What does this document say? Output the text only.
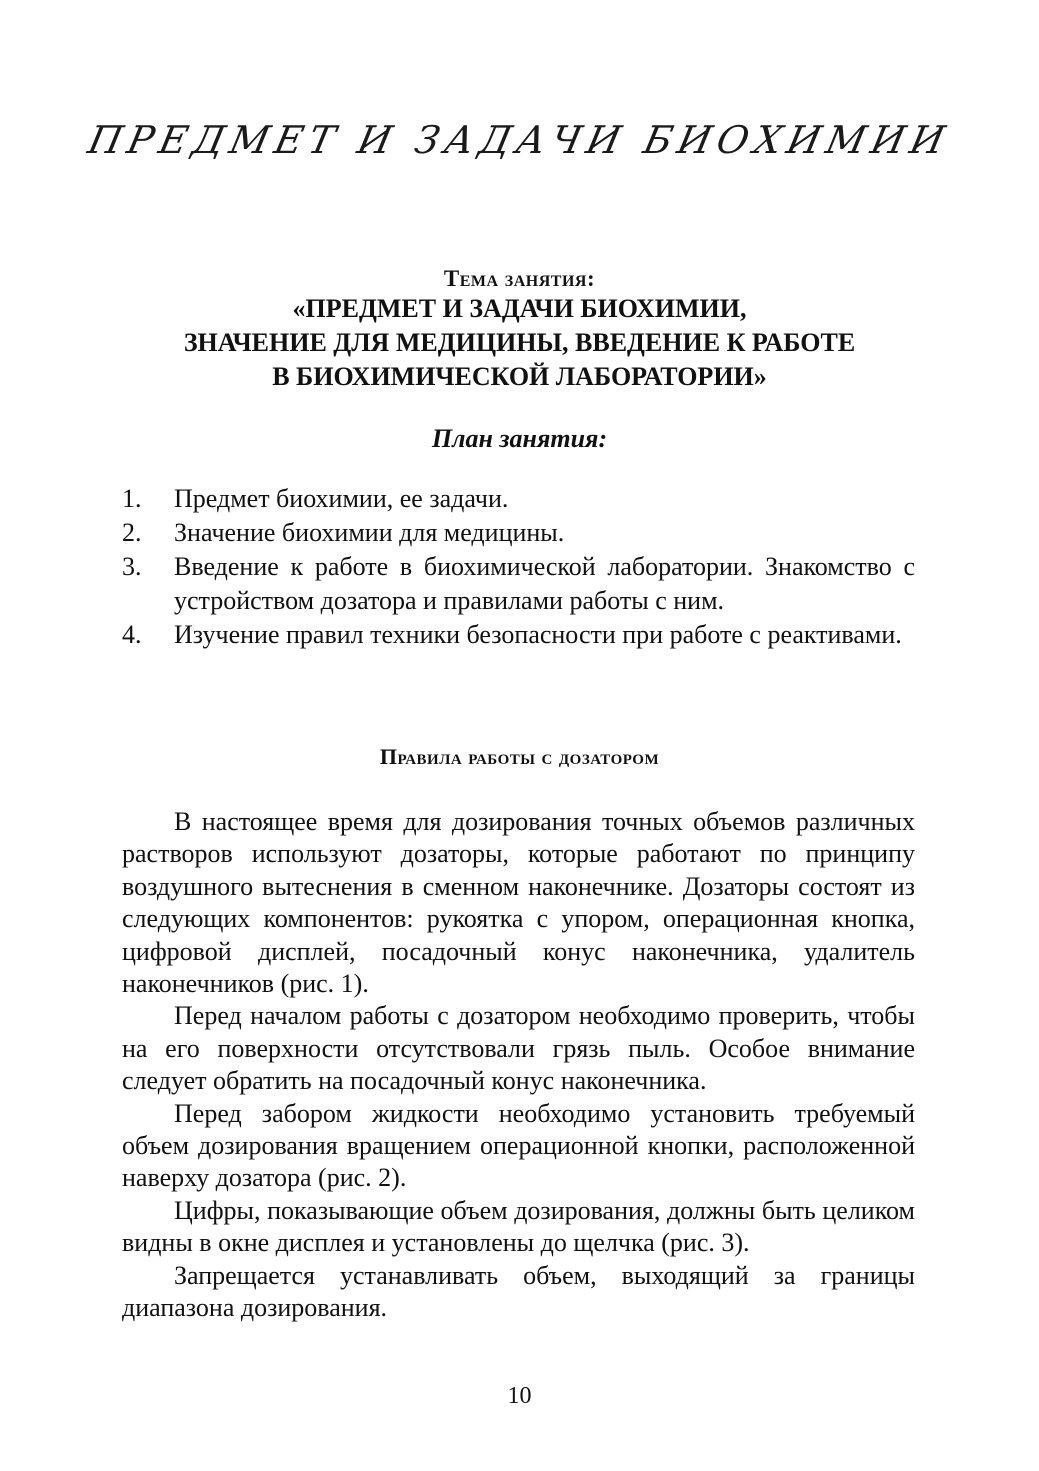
ПРЕДМЕТ И ЗАДАЧИ БИОХИМИИ
Тема занятия:
«ПРЕДМЕТ И ЗАДАЧИ БИОХИМИИ,
ЗНАЧЕНИЕ ДЛЯ МЕДИЦИНЫ, ВВЕДЕНИЕ К РАБОТЕ
В БИОХИМИЧЕСКОЙ ЛАБОРАТОРИИ»
План занятия:
1. Предмет биохимии, ее задачи.
2. Значение биохимии для медицины.
3. Введение к работе в биохимической лаборатории. Знакомство с устройством дозатора и правилами работы с ним.
4. Изучение правил техники безопасности при работе с реактивами.
Правила работы с дозатором

В настоящее время для дозирования точных объемов различных растворов используют дозаторы, которые работают по принципу воздушного вытеснения в сменном наконечнике. Дозаторы состоят из следующих компонентов: рукоятка с упором, операционная кнопка, цифровой дисплей, посадочный конус наконечника, удалитель наконечников (рис. 1).

Перед началом работы с дозатором необходимо проверить, чтобы на его поверхности отсутствовали грязь пыль. Особое внимание следует обратить на посадочный конус наконечника.

Перед забором жидкости необходимо установить требуемый объем дозирования вращением операционной кнопки, расположенной наверху дозатора (рис. 2).

Цифры, показывающие объем дозирования, должны быть целиком видны в окне дисплея и установлены до щелчка (рис. 3).

Запрещается устанавливать объем, выходящий за границы диапазона дозирования.

10
